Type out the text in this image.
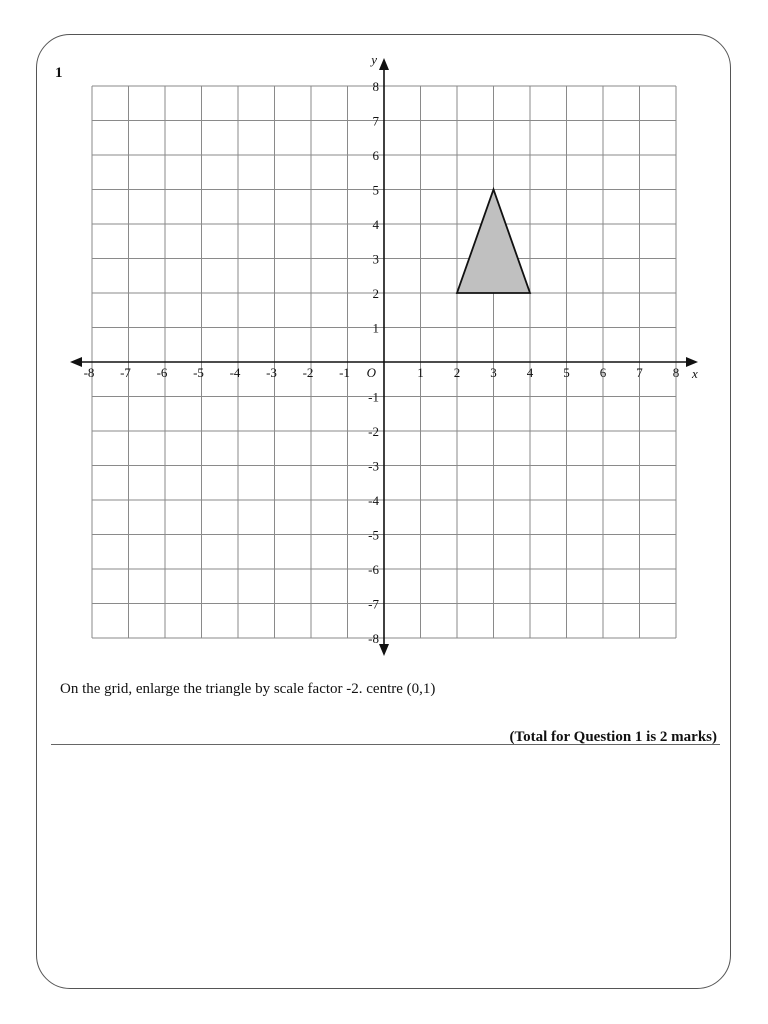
1
-8 -7 -6 -5 -4 -3 -2 -1	1 2 3 4 5 6 7 8
8
7
6
5
4
3
2
1
-1
-2
-3
-4
-5
-6
-7
-8
O	x
y
On the grid, enlarge the triangle by scale factor -2. centre (0,1)
(Total for Question 1 is 2 marks)
